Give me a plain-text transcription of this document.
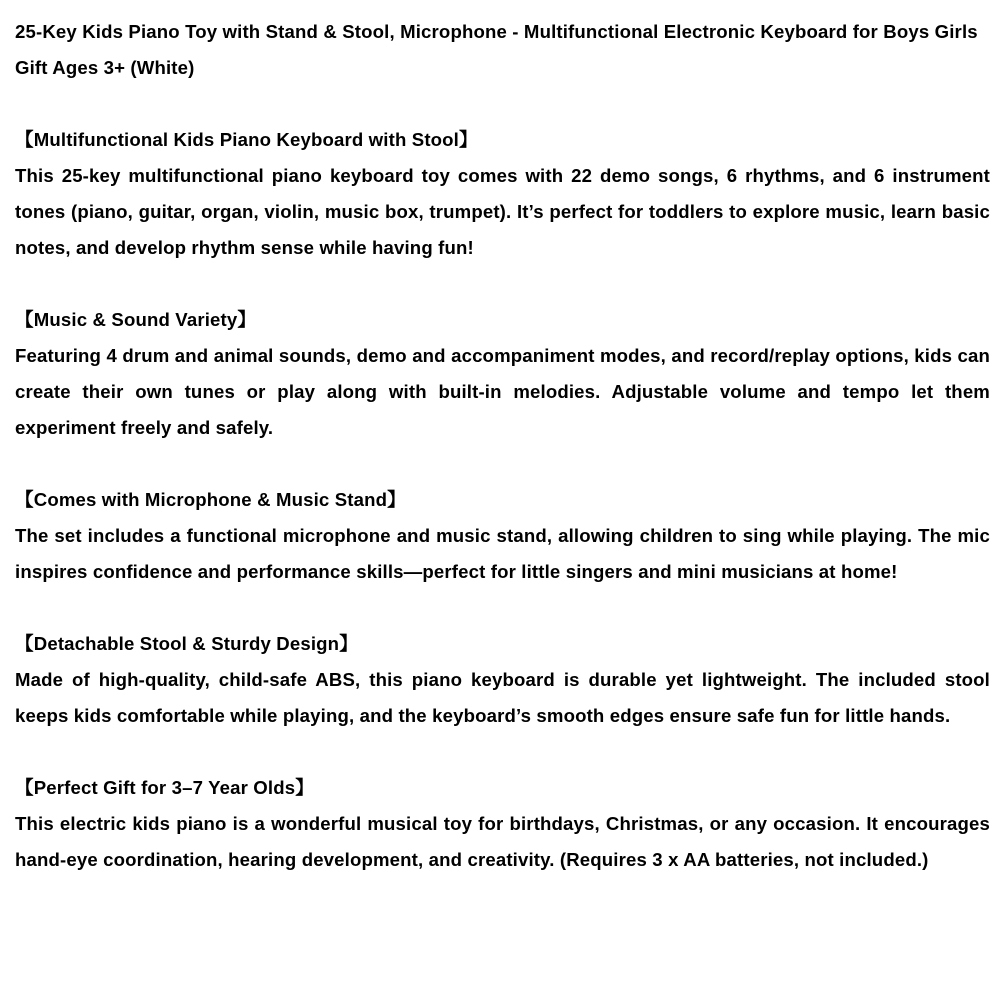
25-Key Kids Piano Toy with Stand & Stool, Microphone - Multifunctional Electronic Keyboard for Boys Girls Gift Ages 3+ (White)
【Multifunctional Kids Piano Keyboard with Stool】
This 25-key multifunctional piano keyboard toy comes with 22 demo songs, 6 rhythms, and 6 instrument tones (piano, guitar, organ, violin, music box, trumpet). It’s perfect for toddlers to explore music, learn basic notes, and develop rhythm sense while having fun!
【Music & Sound Variety】
Featuring 4 drum and animal sounds, demo and accompaniment modes, and record/replay options, kids can create their own tunes or play along with built-in melodies. Adjustable volume and tempo let them experiment freely and safely.
【Comes with Microphone & Music Stand】
The set includes a functional microphone and music stand, allowing children to sing while playing. The mic inspires confidence and performance skills—perfect for little singers and mini musicians at home!
【Detachable Stool & Sturdy Design】
Made of high-quality, child-safe ABS, this piano keyboard is durable yet lightweight. The included stool keeps kids comfortable while playing, and the keyboard’s smooth edges ensure safe fun for little hands.
【Perfect Gift for 3–7 Year Olds】
This electric kids piano is a wonderful musical toy for birthdays, Christmas, or any occasion. It encourages hand-eye coordination, hearing development, and creativity. (Requires 3 x AA batteries, not included.)
